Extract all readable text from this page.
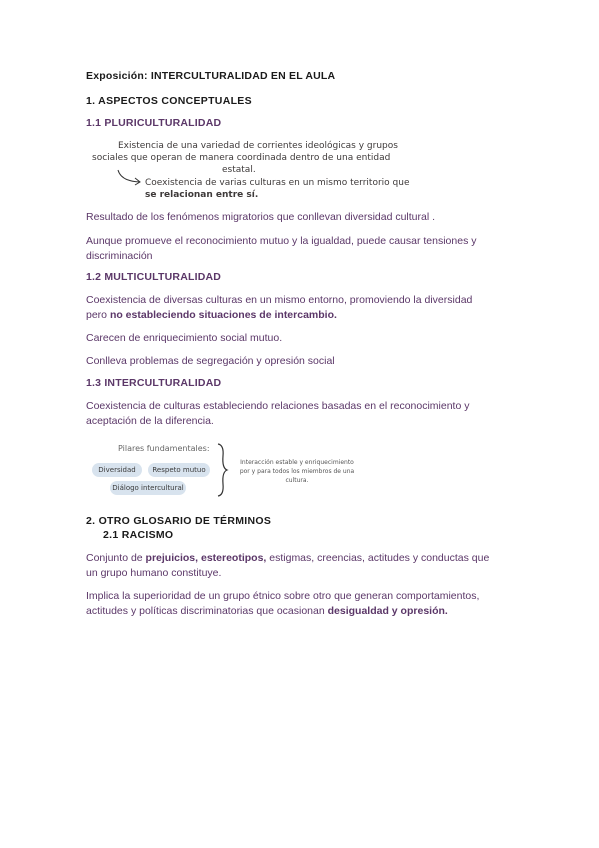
Exposición: INTERCULTURALIDAD EN EL AULA
1. ASPECTOS CONCEPTUALES
1.1 PLURICULTURALIDAD
Existencia de una variedad de corrientes ideológicas y grupos
sociales que operan de manera coordinada dentro de una entidad
estatal.
Coexistencia de varias culturas en un mismo territorio que
se relacionan entre sí.
Resultado de los fenómenos migratorios que conllevan diversidad cultural .
Aunque promueve el reconocimiento mutuo y la igualdad, puede causar tensiones y
discriminación
1.2 MULTICULTURALIDAD
Coexistencia de diversas culturas en un mismo entorno, promoviendo la diversidad
pero no estableciendo situaciones de intercambio.
Carecen de enriquecimiento social mutuo.
Conlleva problemas de segregación y opresión social
1.3 INTERCULTURALIDAD
Coexistencia de culturas estableciendo relaciones basadas en el reconocimiento y
aceptación de la diferencia.
Pilares fundamentales:
Diversidad	Respeto mutuo
Diálogo intercultural
Interacción estable y enriquecimiento
por y para todos los miembros de una
cultura.
2. OTRO GLOSARIO DE TÉRMINOS
2.1 RACISMO
Conjunto de prejuicios, estereotipos, estigmas, creencias, actitudes y conductas que
un grupo humano constituye.
Implica la superioridad de un grupo étnico sobre otro que generan comportamientos,
actitudes y políticas discriminatorias que ocasionan desigualdad y opresión.
